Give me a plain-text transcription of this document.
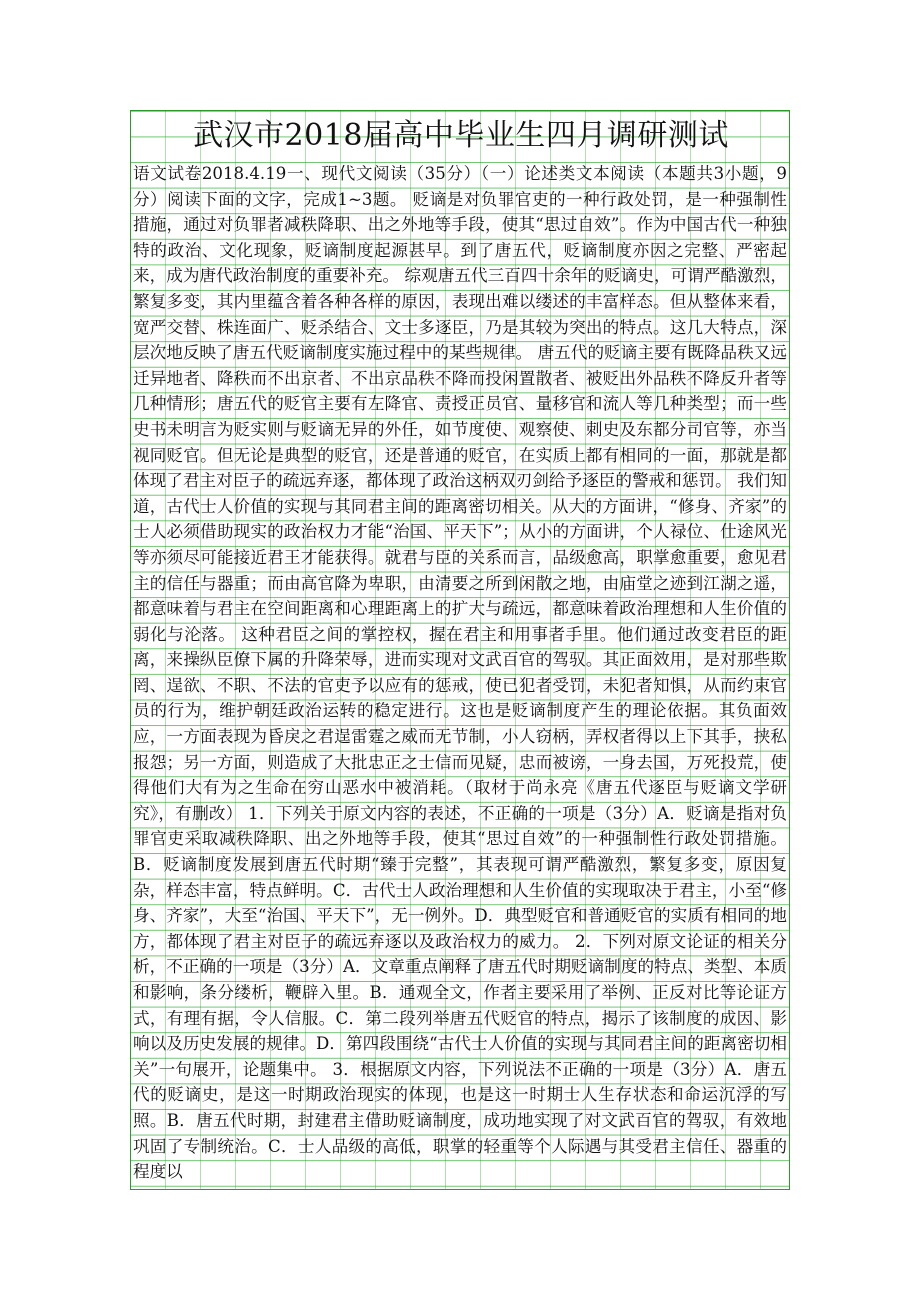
武汉市2018届高中毕业生四月调研测试
语文试卷2018.4.19一、现代文阅读（35分）（一）论述类文本阅读（本题共3小题，9分）阅读下面的文字，完成1~3题。 贬谪是对负罪官吏的一种行政处罚，是一种强制性措施，通过对负罪者减秩降职、出之外地等手段，使其“思过自效”。作为中国古代一种独特的政治、文化现象，贬谪制度起源甚早。到了唐五代，贬谪制度亦因之完整、严密起来，成为唐代政治制度的重要补充。 综观唐五代三百四十余年的贬谪史，可谓严酷激烈，繁复多变，其内里蕴含着各种各样的原因，表现出难以缕述的丰富样态。但从整体来看，宽严交替、株连面广、贬杀结合、文士多逐臣，乃是其较为突出的特点。这几大特点，深层次地反映了唐五代贬谪制度实施过程中的某些规律。 唐五代的贬谪主要有既降品秩又远迁异地者、降秩而不出京者、不出京品秩不降而投闲置散者、被贬出外品秩不降反升者等几种情形；唐五代的贬官主要有左降官、责授正员官、量移官和流人等几种类型；而一些史书未明言为贬实则与贬谪无异的外任，如节度使、观察使、刺史及东都分司官等，亦当视同贬官。但无论是典型的贬官，还是普通的贬官，在实质上都有相同的一面，那就是都体现了君主对臣子的疏远弃逐，都体现了政治这柄双刃剑给予逐臣的警戒和惩罚。 我们知道，古代士人价值的实现与其同君主间的距离密切相关。从大的方面讲，“修身、齐家”的士人必须借助现实的政治权力才能“治国、平天下”；从小的方面讲，个人禄位、仕途风光等亦须尽可能接近君王才能获得。就君与臣的关系而言，品级愈高，职掌愈重要，愈见君主的信任与器重；而由高官降为卑职，由清要之所到闲散之地，由庙堂之迹到江湖之遥，都意味着与君主在空间距离和心理距离上的扩大与疏远，都意味着政治理想和人生价值的弱化与沦落。 这种君臣之间的掌控权，握在君主和用事者手里。他们通过改变君臣的距离，来操纵臣僚下属的升降荣辱，进而实现对文武百官的驾驭。其正面效用，是对那些欺罔、逞欲、不职、不法的官吏予以应有的惩戒，使已犯者受罚，未犯者知惧，从而约束官员的行为，维护朝廷政治运转的稳定进行。这也是贬谪制度产生的理论依据。其负面效应，一方面表现为昏戾之君逞雷霆之威而无节制，小人窃柄，弄权者得以上下其手，挟私报怨；另一方面，则造成了大批忠正之士信而见疑，忠而被谤，一身去国，万死投荒，使得他们大有为之生命在穷山恶水中被消耗。（取材于尚永亮《唐五代逐臣与贬谪文学研究》，有删改） 1．下列关于原文内容的表述，不正确的一项是（3分）A．贬谪是指对负罪官吏采取减秩降职、出之外地等手段，使其“思过自效”的一种强制性行政处罚措施。B．贬谪制度发展到唐五代时期“臻于完整”，其表现可谓严酷激烈，繁复多变，原因复杂，样态丰富，特点鲜明。C．古代士人政治理想和人生价值的实现取决于君主，小至“修身、齐家”，大至“治国、平天下”，无一例外。D．典型贬官和普通贬官的实质有相同的地方，都体现了君主对臣子的疏远弃逐以及政治权力的威力。 2．下列对原文论证的相关分析，不正确的一项是（3分）A．文章重点阐释了唐五代时期贬谪制度的特点、类型、本质和影响，条分缕析，鞭辟入里。B．通观全文，作者主要采用了举例、正反对比等论证方式，有理有据，令人信服。C．第二段列举唐五代贬官的特点，揭示了该制度的成因、影响以及历史发展的规律。D．第四段围绕“古代士人价值的实现与其同君主间的距离密切相关”一句展开，论题集中。 3．根据原文内容，下列说法不正确的一项是（3分）A．唐五代的贬谪史，是这一时期政治现实的体现，也是这一时期士人生存状态和命运沉浮的写照。B．唐五代时期，封建君主借助贬谪制度，成功地实现了对文武百官的驾驭，有效地巩固了专制统治。C．士人品级的高低，职掌的轻重等个人际遇与其受君主信任、器重的程度以
